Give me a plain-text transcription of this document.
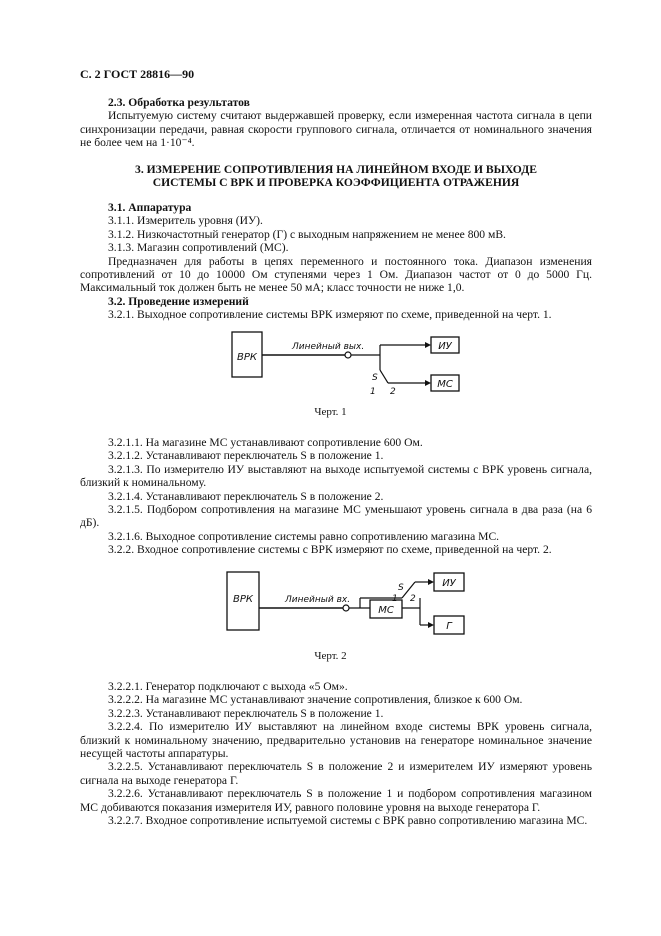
С. 2 ГОСТ 28816—90

2.3. Обработка результатов

Испытуемую систему считают выдержавшей проверку, если измеренная частота сигнала в цепи синхронизации передачи, равная скорости группового сигнала, отличается от номинального значения не более чем на 1·10⁻⁴.

3. ИЗМЕРЕНИЕ СОПРОТИВЛЕНИЯ НА ЛИНЕЙНОМ ВХОДЕ И ВЫХОДЕ
СИСТЕМЫ С ВРК И ПРОВЕРКА КОЭФФИЦИЕНТА ОТРАЖЕНИЯ

3.1. Аппаратура

3.1.1. Измеритель уровня (ИУ).

3.1.2. Низкочастотный генератор (Г) с выходным напряжением не менее 800 мВ.

3.1.3. Магазин сопротивлений (МС).

Предназначен для работы в цепях переменного и постоянного тока. Диапазон изменения сопротивлений от 10 до 10000 Ом ступенями через 1 Ом. Диапазон частот от 0 до 5000 Гц. Максимальный ток должен быть не менее 50 мА; класс точности не ниже 1,0.

3.2. Проведение измерений

3.2.1. Выходное сопротивление системы ВРК измеряют по схеме, приведенной на черт. 1.

ВРК
Линейный вых.	ИУ
МС
S
1 2
Черт. 1

3.2.1.1. На магазине МС устанавливают сопротивление 600 Ом.

3.2.1.2. Устанавливают переключатель S в положение 1.

3.2.1.3. По измерителю ИУ выставляют на выходе испытуемой системы с ВРК уровень сигнала, близкий к номинальному.

3.2.1.4. Устанавливают переключатель S в положение 2.

3.2.1.5. Подбором сопротивления на магазине МС уменьшают уровень сигнала в два раза (на 6 дБ).

3.2.1.6. Выходное сопротивление системы равно сопротивлению магазина МС.

3.2.2. Входное сопротивление системы с ВРК измеряют по схеме, приведенной на черт. 2.

ВРК	Линейный вх.
МС
Г
ИУ
S
1 2
Черт. 2

3.2.2.1. Генератор подключают с выхода «5 Ом».

3.2.2.2. На магазине МС устанавливают значение сопротивления, близкое к 600 Ом.

3.2.2.3. Устанавливают переключатель S в положение 1.

3.2.2.4. По измерителю ИУ выставляют на линейном входе системы ВРК уровень сигнала, близкий к номинальному значению, предварительно установив на генераторе номинальное значение несущей частоты аппаратуры.

3.2.2.5. Устанавливают переключатель S в положение 2 и измерителем ИУ измеряют уровень сигнала на выходе генератора Г.

3.2.2.6. Устанавливают переключатель S в положение 1 и подбором сопротивления магазином МС добиваются показания измерителя ИУ, равного половине уровня на выходе генератора Г.

3.2.2.7. Входное сопротивление испытуемой системы с ВРК равно сопротивлению магазина МС.
